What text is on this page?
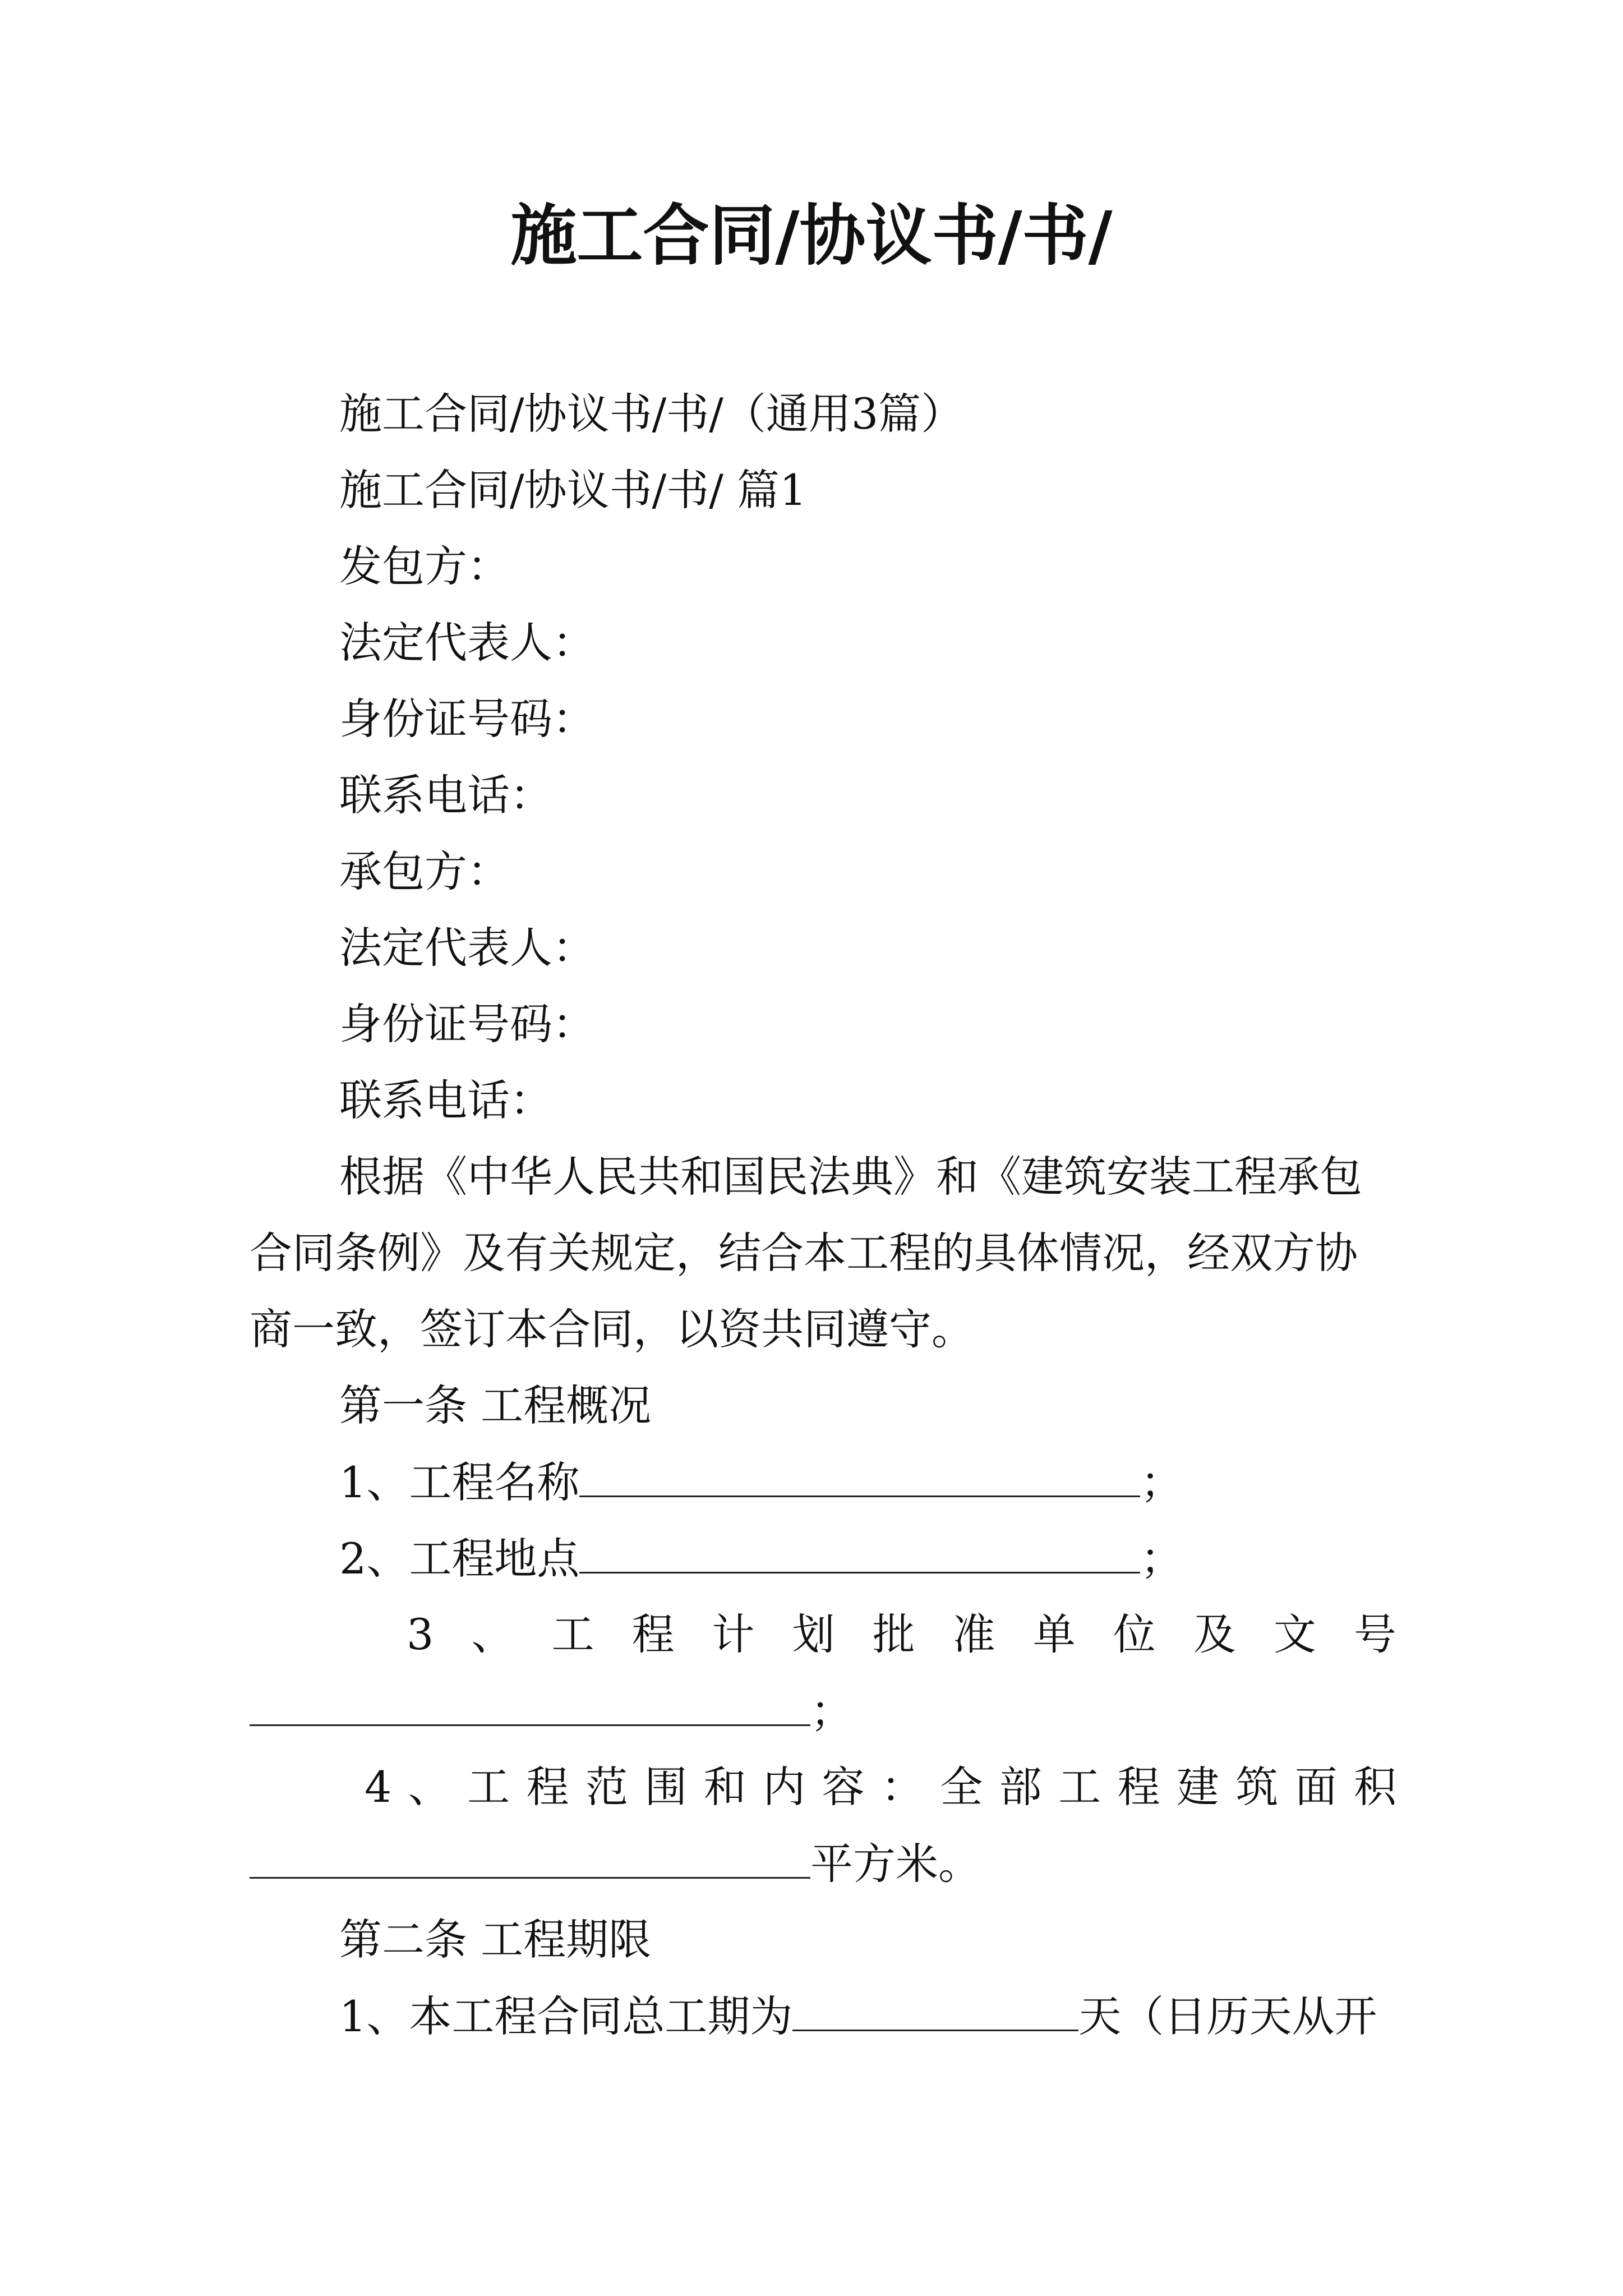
施工合同/协议书/书/
施工合同/协议书/书/（通用3篇）
施工合同/协议书/书/ 篇1
发包方：
法定代表人：
身份证号码：
联系电话：
承包方：
法定代表人：
身份证号码：
联系电话：
根据《中华人民共和国民法典》和《建筑安装工程承包
合同条例》及有关规定，结合本工程的具体情况，经双方协
商一致，签订本合同，以资共同遵守。
第一条 工程概况
1、工程名称	；
2、工程地点	；
3 、 工 程 计 划 批 准 单 位 及 文 号
；
4 、 工 程 范 围 和 内 容 ： 全 部 工 程 建 筑 面 积
平方米。
第二条 工程期限
1、本工程合同总工期为	天（日历天从开
